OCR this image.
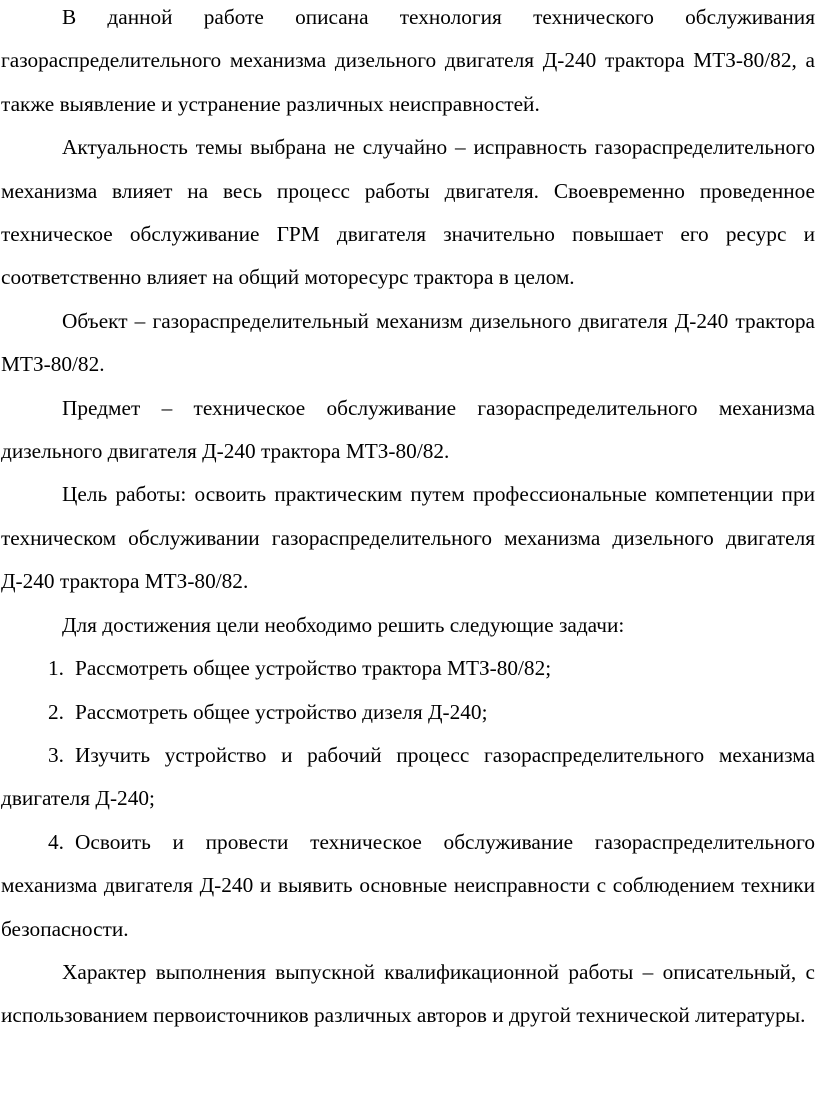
В данной работе описана технология технического обслуживания газораспределительного механизма дизельного двигателя Д-240 трактора МТЗ-80/82, а также выявление и устранение различных неисправностей.

Актуальность темы выбрана не случайно – исправность газораспределительного механизма влияет на весь процесс работы двигателя. Своевременно проведенное техническое обслуживание ГРМ двигателя значительно повышает его ресурс и соответственно влияет на общий моторесурс трактора в целом.

Объект – газораспределительный механизм дизельного двигателя Д-240 трактора МТЗ-80/82.

Предмет – техническое обслуживание газораспределительного механизма дизельного двигателя Д-240 трактора МТЗ-80/82.

Цель работы: освоить практическим путем профессиональные компетенции при техническом обслуживании газораспределительного механизма дизельного двигателя Д-240 трактора МТЗ-80/82.

Для достижения цели необходимо решить следующие задачи:

1. Рассмотреть общее устройство трактора МТЗ-80/82;
2. Рассмотреть общее устройство дизеля Д-240;
3. Изучить устройство и рабочий процесс газораспределительного механизма двигателя Д-240;
4. Освоить и провести техническое обслуживание газораспределительного механизма двигателя Д-240 и выявить основные неисправности с соблюдением техники безопасности.

Характер выполнения выпускной квалификационной работы – описательный, с использованием первоисточников различных авторов и другой технической литературы.
